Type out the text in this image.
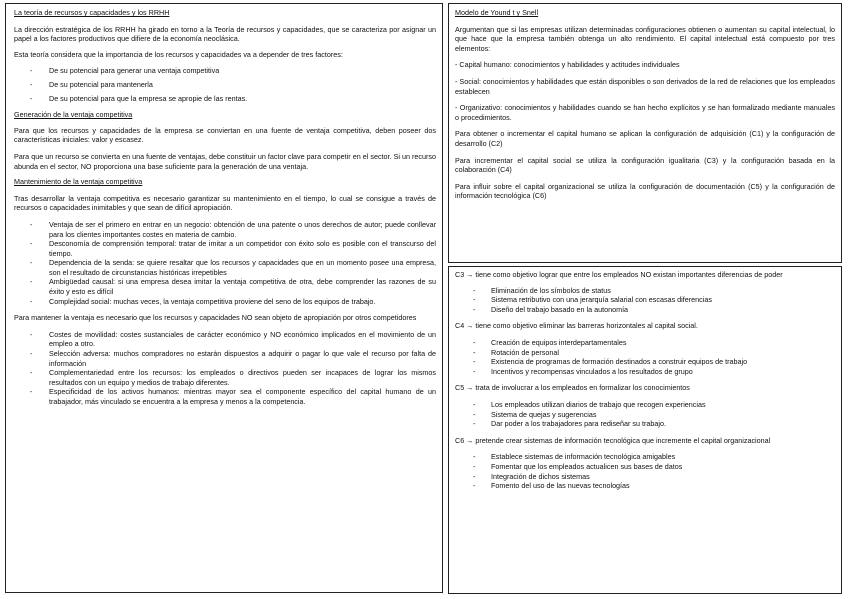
La teoría de recursos y capacidades y los RRHH

La dirección estratégica de los RRHH ha girado en torno a la Teoría de recursos y capacidades, que se caracteriza por asignar un papel a los factores productivos que difiere de la economía neoclásica.

Esta teoría considera que la importancia de los recursos y capacidades va a depender de tres factores:

- De su potencial para generar una ventaja competitiva
- De su potencial para mantenerla
- De su potencial para que la empresa se apropie de las rentas.

Generación de la ventaja competitiva

Para que los recursos y capacidades de la empresa se conviertan en una fuente de ventaja competitiva, deben poseer dos características iniciales: valor y escasez.

Para que un recurso se convierta en una fuente de ventajas, debe constituir un factor clave para competir en el sector. Si un recurso abunda en el sector, NO proporciona una base suficiente para la generación de una ventaja.

Mantenimiento de la ventaja competitiva

Tras desarrollar la ventaja competitiva es necesario garantizar su mantenimiento en el tiempo, lo cual se consigue a través de recursos o capacidades inimitables y que sean de difícil apropiación.

- Ventaja de ser el primero en entrar en un negocio: obtención de una patente o unos derechos de autor; puede conllevar para los clientes importantes costes en materia de cambio.
- Desconomía de comprensión temporal: tratar de imitar a un competidor con éxito solo es posible con el transcurso del tiempo.
- Dependencia de la senda: se quiere resaltar que los recursos y capacidades que en un momento posee una empresa, son el resultado de circunstancias históricas irrepetibles
- Ambigüedad causal: si una empresa desea imitar la ventaja competitiva de otra, debe comprender las razones de su éxito y esto es difícil
- Complejidad social: muchas veces, la ventaja competitiva proviene del seno de los equipos de trabajo.

Para mantener la ventaja es necesario que los recursos y capacidades NO sean objeto de apropiación por otros competidores

- Costes de movilidad: costes sustanciales de carácter económico y NO económico implicados en el movimiento de un empleo a otro.
- Selección adversa: muchos compradores no estarán dispuestos a adquirir o pagar lo que vale el recurso por falta de información
- Complementariedad entre los recursos: los empleados o directivos pueden ser incapaces de lograr los mismos resultados con un equipo y medios de trabajo diferentes.
- Especificidad de los activos humanos: mientras mayor sea el componente específico del capital humano de un trabajador, más vinculado se encuentra a la empresa y menos a la competencia.

Modelo de Yound t y Snell

Argumentan que si las empresas utilizan determinadas configuraciones obtienen o aumentan su capital intelectual, lo que hace que la empresa también obtenga un alto rendimiento. El capital intelectual está compuesto por tres elementos:

- Capital humano: conocimientos y habilidades y actitudes individuales

- Social: conocimientos y habilidades que están disponibles o son derivados de la red de relaciones que los empleados establecen

- Organizativo: conocimientos y habilidades cuando se han hecho explícitos y se han formalizado mediante manuales o procedimientos.

Para obtener o incrementar el capital humano se aplican la configuración de adquisición (C1) y la configuración de desarrollo (C2)

Para incrementar el capital social se utiliza la configuración igualitaria (C3) y la configuración basada en la colaboración (C4)

Para influir sobre el capital organizacional se utiliza la configuración de documentación (C5) y la configuración de información tecnológica (C6)

C3 → tiene como objetivo lograr que entre los empleados NO existan importantes diferencias de poder

- Eliminación de los símbolos de status
- Sistema retributivo con una jerarquía salarial con escasas diferencias
- Diseño del trabajo basado en la autonomía

C4 → tiene como objetivo eliminar las barreras horizontales al capital social.

- Creación de equipos interdepartamentales
- Rotación de personal
- Existencia de programas de formación destinados a construir equipos de trabajo
- Incentivos y recompensas vinculados a los resultados de grupo

C5 → trata de involucrar a los empleados en formalizar los conocimientos

- Los empleados utilizan diarios de trabajo que recogen experiencias
- Sistema de quejas y sugerencias
- Dar poder a los trabajadores para rediseñar su trabajo.

C6 → pretende crear sistemas de información tecnológica que incremente el capital organizacional

- Establece sistemas de información tecnológica amigables
- Fomentar que los empleados actualicen sus bases de datos
- Integración de dichos sistemas
- Fomento del uso de las nuevas tecnologías
